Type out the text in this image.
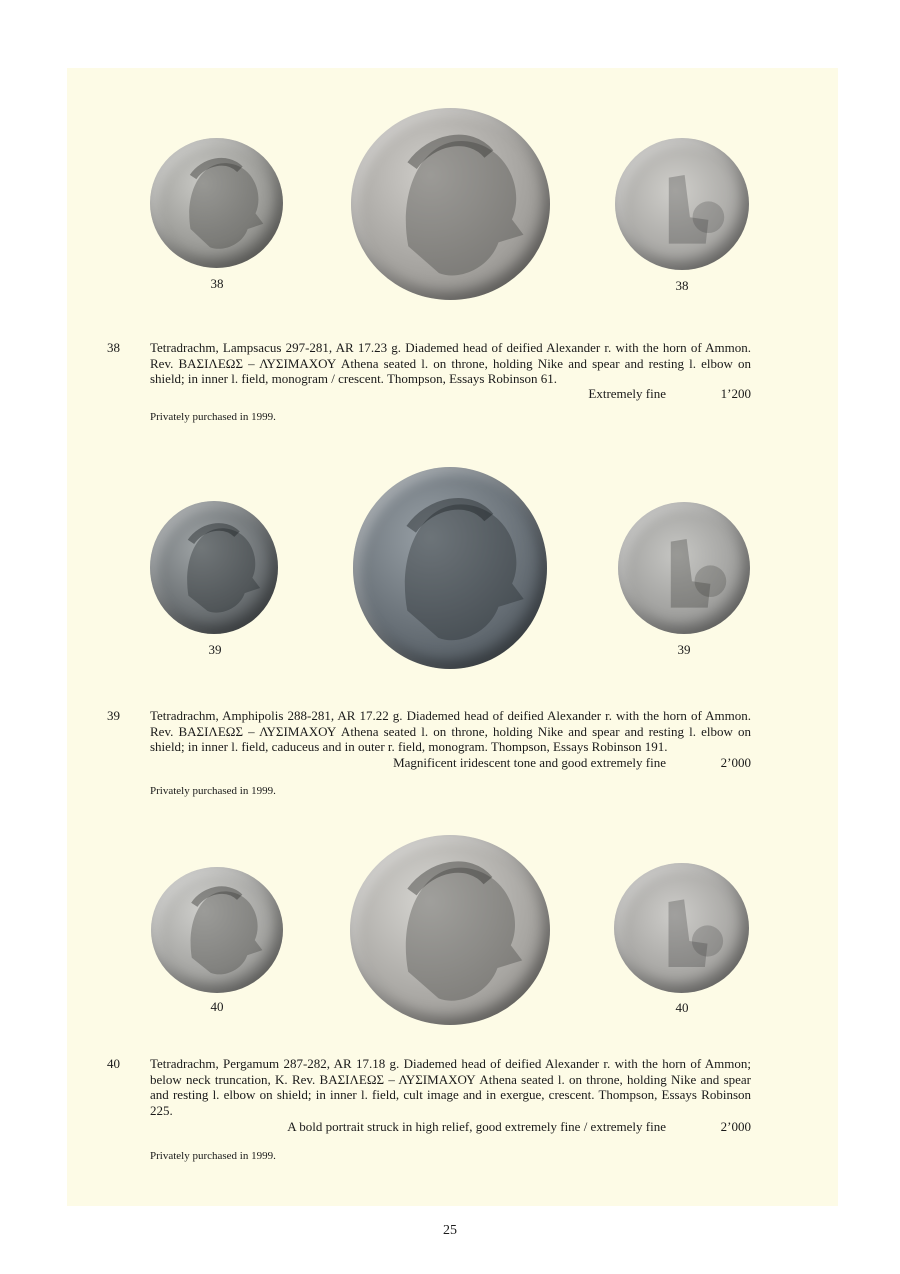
38	38
38 Tetradrachm, Lampsacus 297-281, AR 17.23 g. Diademed head of deified Alexander r. with the horn of Ammon. Rev. ΒΑΣΙΛΕΩΣ – ΛΥΣΙΜΑΧΟΥ Athena seated l. on throne, holding Nike and spear and resting l. elbow on shield; in inner l. field, monogram / crescent. Thompson, Essays Robinson 61.
Extremely fine	1’200
Privately purchased in 1999.
39	39
39 Tetradrachm, Amphipolis 288-281, AR 17.22 g. Diademed head of deified Alexander r. with the horn of Ammon. Rev. ΒΑΣΙΛΕΩΣ – ΛΥΣΙΜΑΧΟΥ Athena seated l. on throne, holding Nike and spear and resting l. elbow on shield; in inner l. field, caduceus and in outer r. field, monogram. Thompson, Essays Robinson 191.
Magnificent iridescent tone and good extremely fine	2’000
Privately purchased in 1999.
40	40
40 Tetradrachm, Pergamum 287-282, AR 17.18 g. Diademed head of deified Alexander r. with the horn of Ammon; below neck truncation, K. Rev. ΒΑΣΙΛΕΩΣ – ΛΥΣΙΜΑΧΟΥ Athena seated l. on throne, holding Nike and spear and resting l. elbow on shield; in inner l. field, cult image and in exergue, crescent. Thompson, Essays Robinson 225.
A bold portrait struck in high relief, good extremely fine / extremely fine	2’000
Privately purchased in 1999.
25
